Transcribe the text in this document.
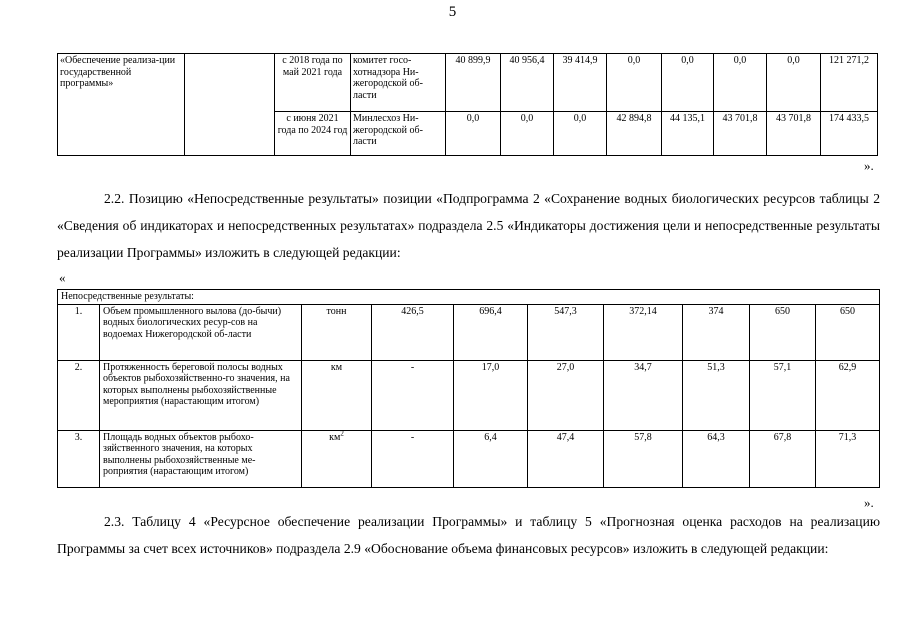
5
«Обеспечение реализа-ции государственной программы»		с 2018 года по май 2021 года	комитет госо-хотнадзора Ни-жегородской об-ласти	40 899,9	40 956,4	39 414,9	0,0	0,0	0,0	0,0	121 271,2
		с июня 2021 года по 2024 год	Минлесхоз Ни-жегородской об-ласти	0,0	0,0	0,0	42 894,8	44 135,1	43 701,8	43 701,8	174 433,5
».
2.2. Позицию «Непосредственные результаты» позиции «Подпрограмма 2 «Сохранение водных биологических ресурсов таблицы 2 «Сведения об индикаторах и непосредственных результатах» подраздела 2.5 «Индикаторы достижения цели и непосредственные результаты реализации Программы» изложить в следующей редакции:
«
Непосредственные результаты:									
1.	Объем промышленного вылова (до-бычи) водных биологических ресур-сов на водоемах Нижегородской об-ласти	тонн	426,5	696,4	547,3	372,14	374	650	650
2.	Протяженность береговой полосы водных объектов рыбохозяйственно-го значения, на которых выполнены рыбохозяйственные мероприятия (нарастающим итогом)	км	-	17,0	27,0	34,7	51,3	57,1	62,9
3.	Площадь водных объектов рыбохо-зяйственного значения, на которых выполнены рыбохозяйственные ме-роприятия (нарастающим итогом)	$км^2$	-	6,4	47,4	57,8	64,3	67,8	71,3
».
2.3. Таблицу 4 «Ресурсное обеспечение реализации Программы» и таблицу 5 «Прогнозная оценка расходов на реализацию Программы за счет всех источников» подраздела 2.9 «Обоснование объема финансовых ресурсов» изложить в следующей редакции:
